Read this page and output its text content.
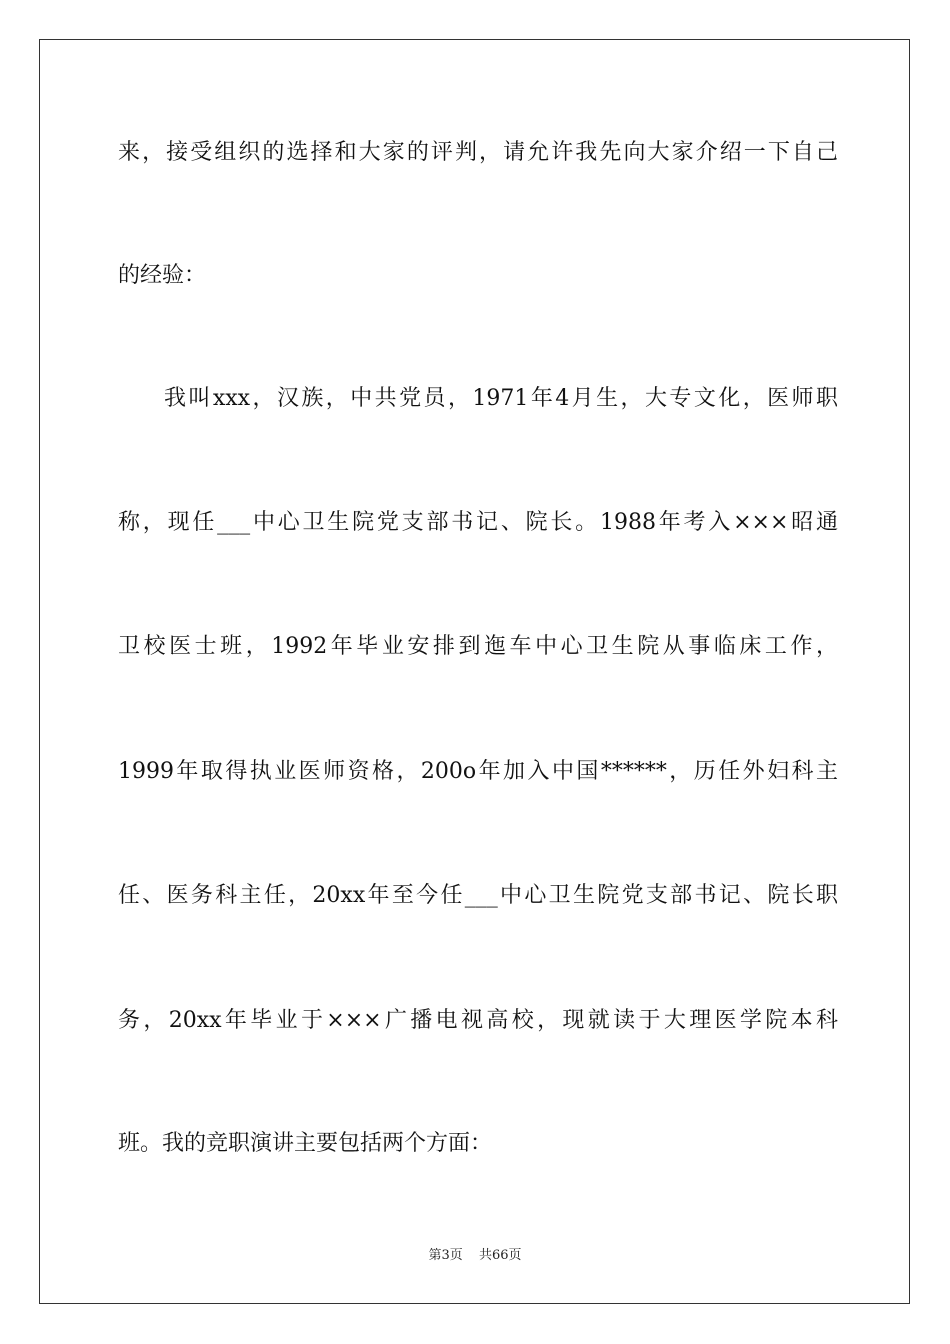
来，接受组织的选择和大家的评判，请允许我先向大家介绍一下自己
的经验：
我叫xxx，汉族，中共党员，1971年4月生，大专文化，医师职
称，现任___中心卫生院党支部书记、院长。1988年考入×××昭通
卫校医士班，1992年毕业安排到迤车中心卫生院从事临床工作，
1999年取得执业医师资格，200o年加入中国******，历任外妇科主
任、医务科主任，20xx年至今任___中心卫生院党支部书记、院长职
务，20xx年毕业于×××广播电视高校，现就读于大理医学院本科
班。我的竞职演讲主要包括两个方面：
第3页 共66页
